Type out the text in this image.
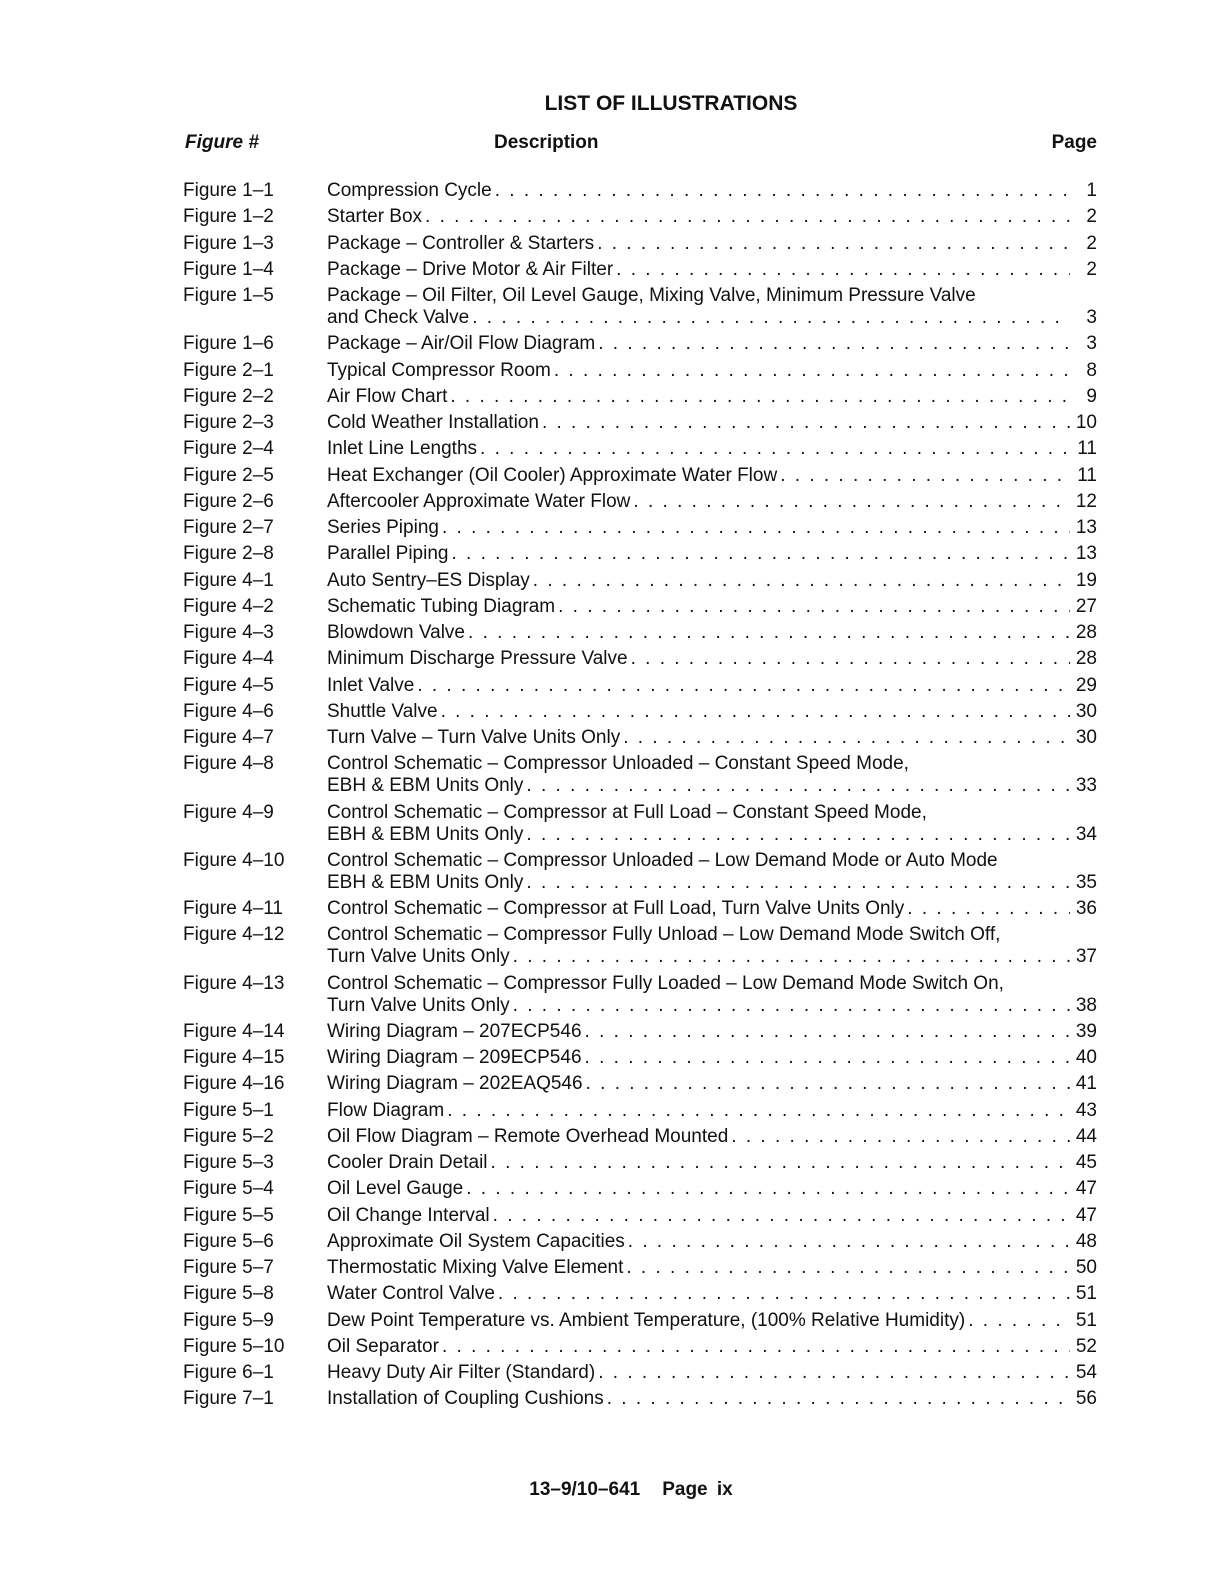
LIST OF ILLUSTRATIONS
Figure #	Description	Page
Figure 1–1	Compression Cycle . . .	1
Figure 1–2	Starter Box . . .	2
Figure 1–3	Package – Controller & Starters . . .	2
Figure 1–4	Package – Drive Motor & Air Filter . . .	2
Figure 1–5	Package – Oil Filter, Oil Level Gauge, Mixing Valve, Minimum Pressure Valve
and Check Valve . . .	3
Figure 1–6	Package – Air/Oil Flow Diagram . . .	3
Figure 2–1	Typical Compressor Room . . .	8
Figure 2–2	Air Flow Chart . . .	9
Figure 2–3	Cold Weather Installation . . .	10
Figure 2–4	Inlet Line Lengths . . .	11
Figure 2–5	Heat Exchanger (Oil Cooler) Approximate Water Flow . . .	11
Figure 2–6	Aftercooler Approximate Water Flow . . .	12
Figure 2–7	Series Piping . . .	13
Figure 2–8	Parallel Piping . . .	13
Figure 4–1	Auto Sentry–ES Display . . .	19
Figure 4–2	Schematic Tubing Diagram . . .	27
Figure 4–3	Blowdown Valve . . .	28
Figure 4–4	Minimum Discharge Pressure Valve . . .	28
Figure 4–5	Inlet Valve . . .	29
Figure 4–6	Shuttle Valve . . .	30
Figure 4–7	Turn Valve – Turn Valve Units Only . . .	30
Figure 4–8	Control Schematic – Compressor Unloaded – Constant Speed Mode,
EBH & EBM Units Only . . .	33
Figure 4–9	Control Schematic – Compressor at Full Load – Constant Speed Mode,
EBH & EBM Units Only . . .	34
Figure 4–10	Control Schematic – Compressor Unloaded – Low Demand Mode or Auto Mode
EBH & EBM Units Only . . .	35
Figure 4–11	Control Schematic – Compressor at Full Load, Turn Valve Units Only . . .	36
Figure 4–12	Control Schematic – Compressor Fully Unload – Low Demand Mode Switch Off,
Turn Valve Units Only . . .	37
Figure 4–13	Control Schematic – Compressor Fully Loaded – Low Demand Mode Switch On,
Turn Valve Units Only . . .	38
Figure 4–14	Wiring Diagram – 207ECP546 . . .	39
Figure 4–15	Wiring Diagram – 209ECP546 . . .	40
Figure 4–16	Wiring Diagram – 202EAQ546 . . .	41
Figure 5–1	Flow Diagram . . .	43
Figure 5–2	Oil Flow Diagram – Remote Overhead Mounted . . .	44
Figure 5–3	Cooler Drain Detail . . .	45
Figure 5–4	Oil Level Gauge . . .	47
Figure 5–5	Oil Change Interval . . .	47
Figure 5–6	Approximate Oil System Capacities . . .	48
Figure 5–7	Thermostatic Mixing Valve Element . . .	50
Figure 5–8	Water Control Valve . . .	51
Figure 5–9	Dew Point Temperature vs. Ambient Temperature, (100% Relative Humidity) . . .	51
Figure 5–10	Oil Separator . . .	52
Figure 6–1	Heavy Duty Air Filter (Standard) . . .	54
Figure 7–1	Installation of Coupling Cushions . . .	56
13–9/10–641 Page ix
